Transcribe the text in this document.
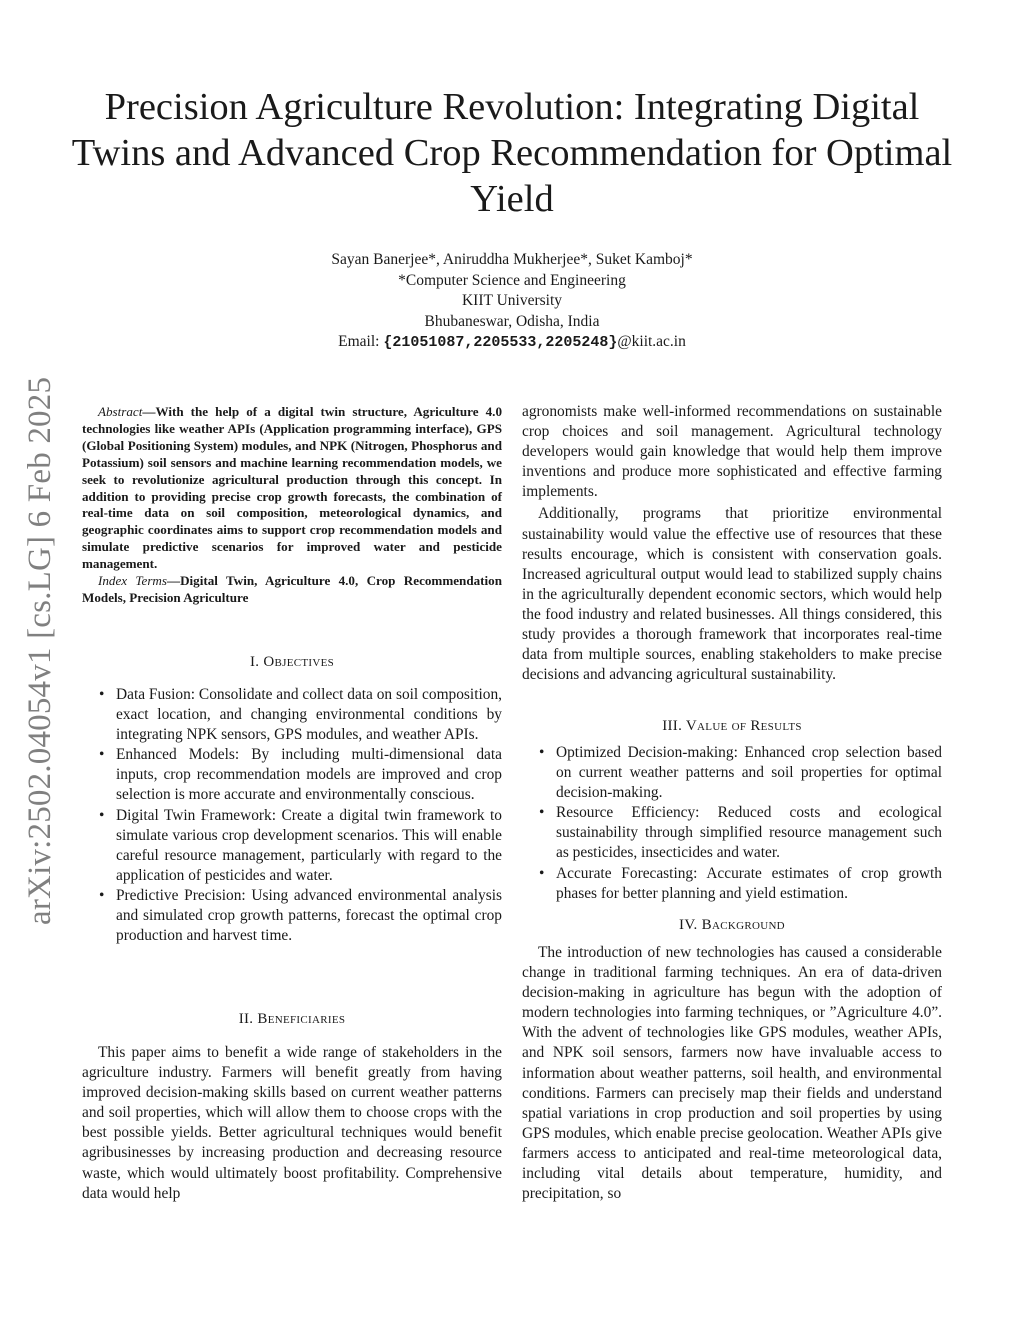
arXiv:2502.04054v1 [cs.LG] 6 Feb 2025
Precision Agriculture Revolution: Integrating Digital Twins and Advanced Crop Recommendation for Optimal Yield
Sayan Banerjee*, Aniruddha Mukherjee*, Suket Kamboj*
*Computer Science and Engineering
KIIT University
Bhubaneswar, Odisha, India
Email: {21051087,2205533,2205248}@kiit.ac.in

Abstract—With the help of a digital twin structure, Agriculture 4.0 technologies like weather APIs (Application programming interface), GPS (Global Positioning System) modules, and NPK (Nitrogen, Phosphorus and Potassium) soil sensors and machine learning recommendation models, we seek to revolutionize agricultural production through this concept. In addition to providing precise crop growth forecasts, the combination of real-time data on soil composition, meteorological dynamics, and geographic coordinates aims to support crop recommendation models and simulate predictive scenarios for improved water and pesticide management.

Index Terms—Digital Twin, Agriculture 4.0, Crop Recommendation Models, Precision Agriculture

I. Objectives
• Data Fusion: Consolidate and collect data on soil composition, exact location, and changing environmental conditions by integrating NPK sensors, GPS modules, and weather APIs.
• Enhanced Models: By including multi-dimensional data inputs, crop recommendation models are improved and crop selection is more accurate and environmentally conscious.
• Digital Twin Framework: Create a digital twin framework to simulate various crop development scenarios. This will enable careful resource management, particularly with regard to the application of pesticides and water.
• Predictive Precision: Using advanced environmental analysis and simulated crop growth patterns, forecast the optimal crop production and harvest time.
II. Beneficiaries

This paper aims to benefit a wide range of stakeholders in the agriculture industry. Farmers will benefit greatly from having improved decision-making skills based on current weather patterns and soil properties, which will allow them to choose crops with the best possible yields. Better agricultural techniques would benefit agribusinesses by increasing production and decreasing resource waste, which would ultimately boost profitability. Comprehensive data would help

agronomists make well-informed recommendations on sustainable crop choices and soil management. Agricultural technology developers would gain knowledge that would help them improve inventions and produce more sophisticated and effective farming implements.

Additionally, programs that prioritize environmental sustainability would value the effective use of resources that these results encourage, which is consistent with conservation goals. Increased agricultural output would lead to stabilized supply chains in the agriculturally dependent economic sectors, which would help the food industry and related businesses. All things considered, this study provides a thorough framework that incorporates real-time data from multiple sources, enabling stakeholders to make precise decisions and advancing agricultural sustainability.

III. Value of Results
• Optimized Decision-making: Enhanced crop selection based on current weather patterns and soil properties for optimal decision-making.
• Resource Efficiency: Reduced costs and ecological sustainability through simplified resource management such as pesticides, insecticides and water.
• Accurate Forecasting: Accurate estimates of crop growth phases for better planning and yield estimation.
IV. Background

The introduction of new technologies has caused a considerable change in traditional farming techniques. An era of data-driven decision-making in agriculture has begun with the adoption of modern technologies into farming techniques, or ”Agriculture 4.0”. With the advent of technologies like GPS modules, weather APIs, and NPK soil sensors, farmers now have invaluable access to information about weather patterns, soil health, and environmental conditions. Farmers can precisely map their fields and understand spatial variations in crop production and soil properties by using GPS modules, which enable precise geolocation. Weather APIs give farmers access to anticipated and real-time meteorological data, including vital details about temperature, humidity, and precipitation, so
